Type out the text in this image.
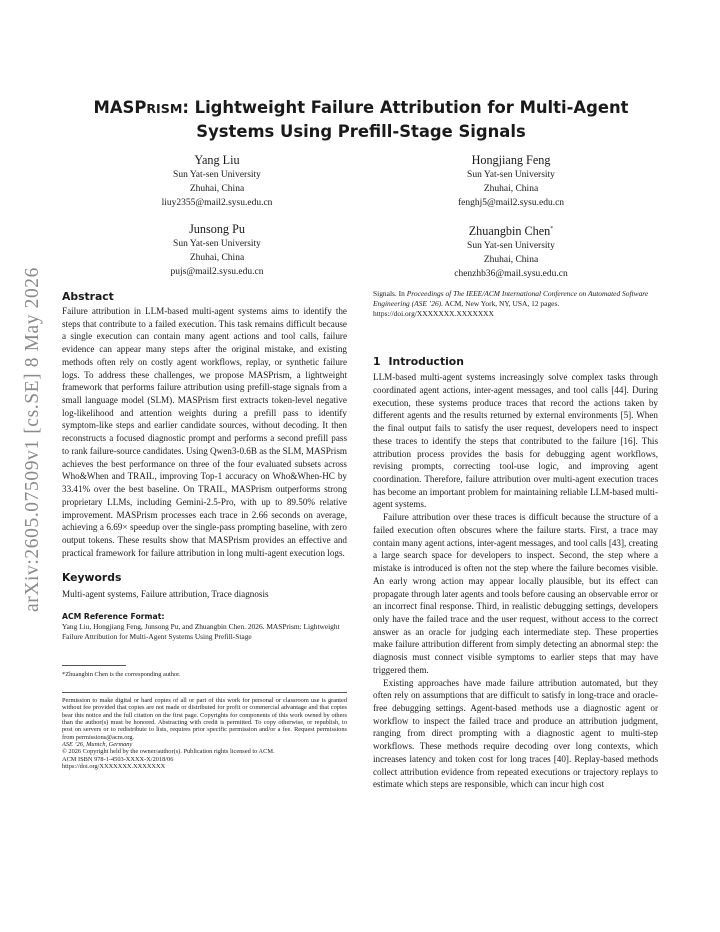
arXiv:2605.07509v1 [cs.SE] 8 May 2026
MASPRISM: Lightweight Failure Attribution for Multi-Agent
Systems Using Prefill-Stage Signals
Yang Liu
Sun Yat-sen University
Zhuhai, China
liuy2355@mail2.sysu.edu.cn
Hongjiang Feng
Sun Yat-sen University
Zhuhai, China
fenghj5@mail2.sysu.edu.cn
Junsong Pu
Sun Yat-sen University
Zhuhai, China
pujs@mail2.sysu.edu.cn
Zhuangbin Chen*
Sun Yat-sen University
Zhuhai, China
chenzhb36@mail.sysu.edu.cn
Abstract

Failure attribution in LLM-based multi-agent systems aims to identify the steps that contribute to a failed execution. This task remains difficult because a single execution can contain many agent actions and tool calls, failure evidence can appear many steps after the original mistake, and existing methods often rely on costly agent workflows, replay, or synthetic failure logs. To address these challenges, we propose MASPrism, a lightweight framework that performs failure attribution using prefill-stage signals from a small language model (SLM). MASPrism first extracts token-level negative log-likelihood and attention weights during a prefill pass to identify symptom-like steps and earlier candidate sources, without decoding. It then reconstructs a focused diagnostic prompt and performs a second prefill pass to rank failure-source candidates. Using Qwen3-0.6B as the SLM, MASPrism achieves the best performance on three of the four evaluated subsets across Who&When and TRAIL, improving Top-1 accuracy on Who&When-HC by 33.41% over the best baseline. On TRAIL, MASPrism outperforms strong proprietary LLMs, including Gemini-2.5-Pro, with up to 89.50% relative improvement. MASPrism processes each trace in 2.66 seconds on average, achieving a 6.69× speedup over the single-pass prompting baseline, with zero output tokens. These results show that MASPrism provides an effective and practical framework for failure attribution in long multi-agent execution logs.

Keywords

Multi-agent systems, Failure attribution, Trace diagnosis

ACM Reference Format:

Yang Liu, Hongjiang Feng, Junsong Pu, and Zhuangbin Chen. 2026. MASPrism: Lightweight Failure Attribution for Multi-Agent Systems Using Prefill-Stage

*Zhuangbin Chen is the corresponding author.

Permission to make digital or hard copies of all or part of this work for personal or classroom use is granted without fee provided that copies are not made or distributed for profit or commercial advantage and that copies bear this notice and the full citation on the first page. Copyrights for components of this work owned by others than the author(s) must be honored. Abstracting with credit is permitted. To copy otherwise, or republish, to post on servers or to redistribute to lists, requires prior specific permission and/or a fee. Request permissions from permissions@acm.org.
ASE ’26, Munich, Germany
© 2026 Copyright held by the owner/author(s). Publication rights licensed to ACM.
ACM ISBN 978-1-4503-XXXX-X/2018/06
https://doi.org/XXXXXXX.XXXXXXX

Signals. In Proceedings of The IEEE/ACM International Conference on Automated Software Engineering (ASE ’26). ACM, New York, NY, USA, 12 pages. https://doi.org/XXXXXXX.XXXXXXX

1 Introduction

LLM-based multi-agent systems increasingly solve complex tasks through coordinated agent actions, inter-agent messages, and tool calls [44]. During execution, these systems produce traces that record the actions taken by different agents and the results returned by external environments [5]. When the final output fails to satisfy the user request, developers need to inspect these traces to identify the steps that contributed to the failure [16]. This attribution process provides the basis for debugging agent workflows, revising prompts, correcting tool-use logic, and improving agent coordination. Therefore, failure attribution over multi-agent execution traces has become an important problem for maintaining reliable LLM-based multi-agent systems.

Failure attribution over these traces is difficult because the structure of a failed execution often obscures where the failure starts. First, a trace may contain many agent actions, inter-agent messages, and tool calls [43], creating a large search space for developers to inspect. Second, the step where a mistake is introduced is often not the step where the failure becomes visible. An early wrong action may appear locally plausible, but its effect can propagate through later agents and tools before causing an observable error or an incorrect final response. Third, in realistic debugging settings, developers only have the failed trace and the user request, without access to the correct answer as an oracle for judging each intermediate step. These properties make failure attribution different from simply detecting an abnormal step: the diagnosis must connect visible symptoms to earlier steps that may have triggered them.

Existing approaches have made failure attribution automated, but they often rely on assumptions that are difficult to satisfy in long-trace and oracle-free debugging settings. Agent-based methods use a diagnostic agent or workflow to inspect the failed trace and produce an attribution judgment, ranging from direct prompting with a diagnostic agent to multi-step workflows. These methods require decoding over long contexts, which increases latency and token cost for long traces [40]. Replay-based methods collect attribution evidence from repeated executions or trajectory replays to estimate which steps are responsible, which can incur high cost
